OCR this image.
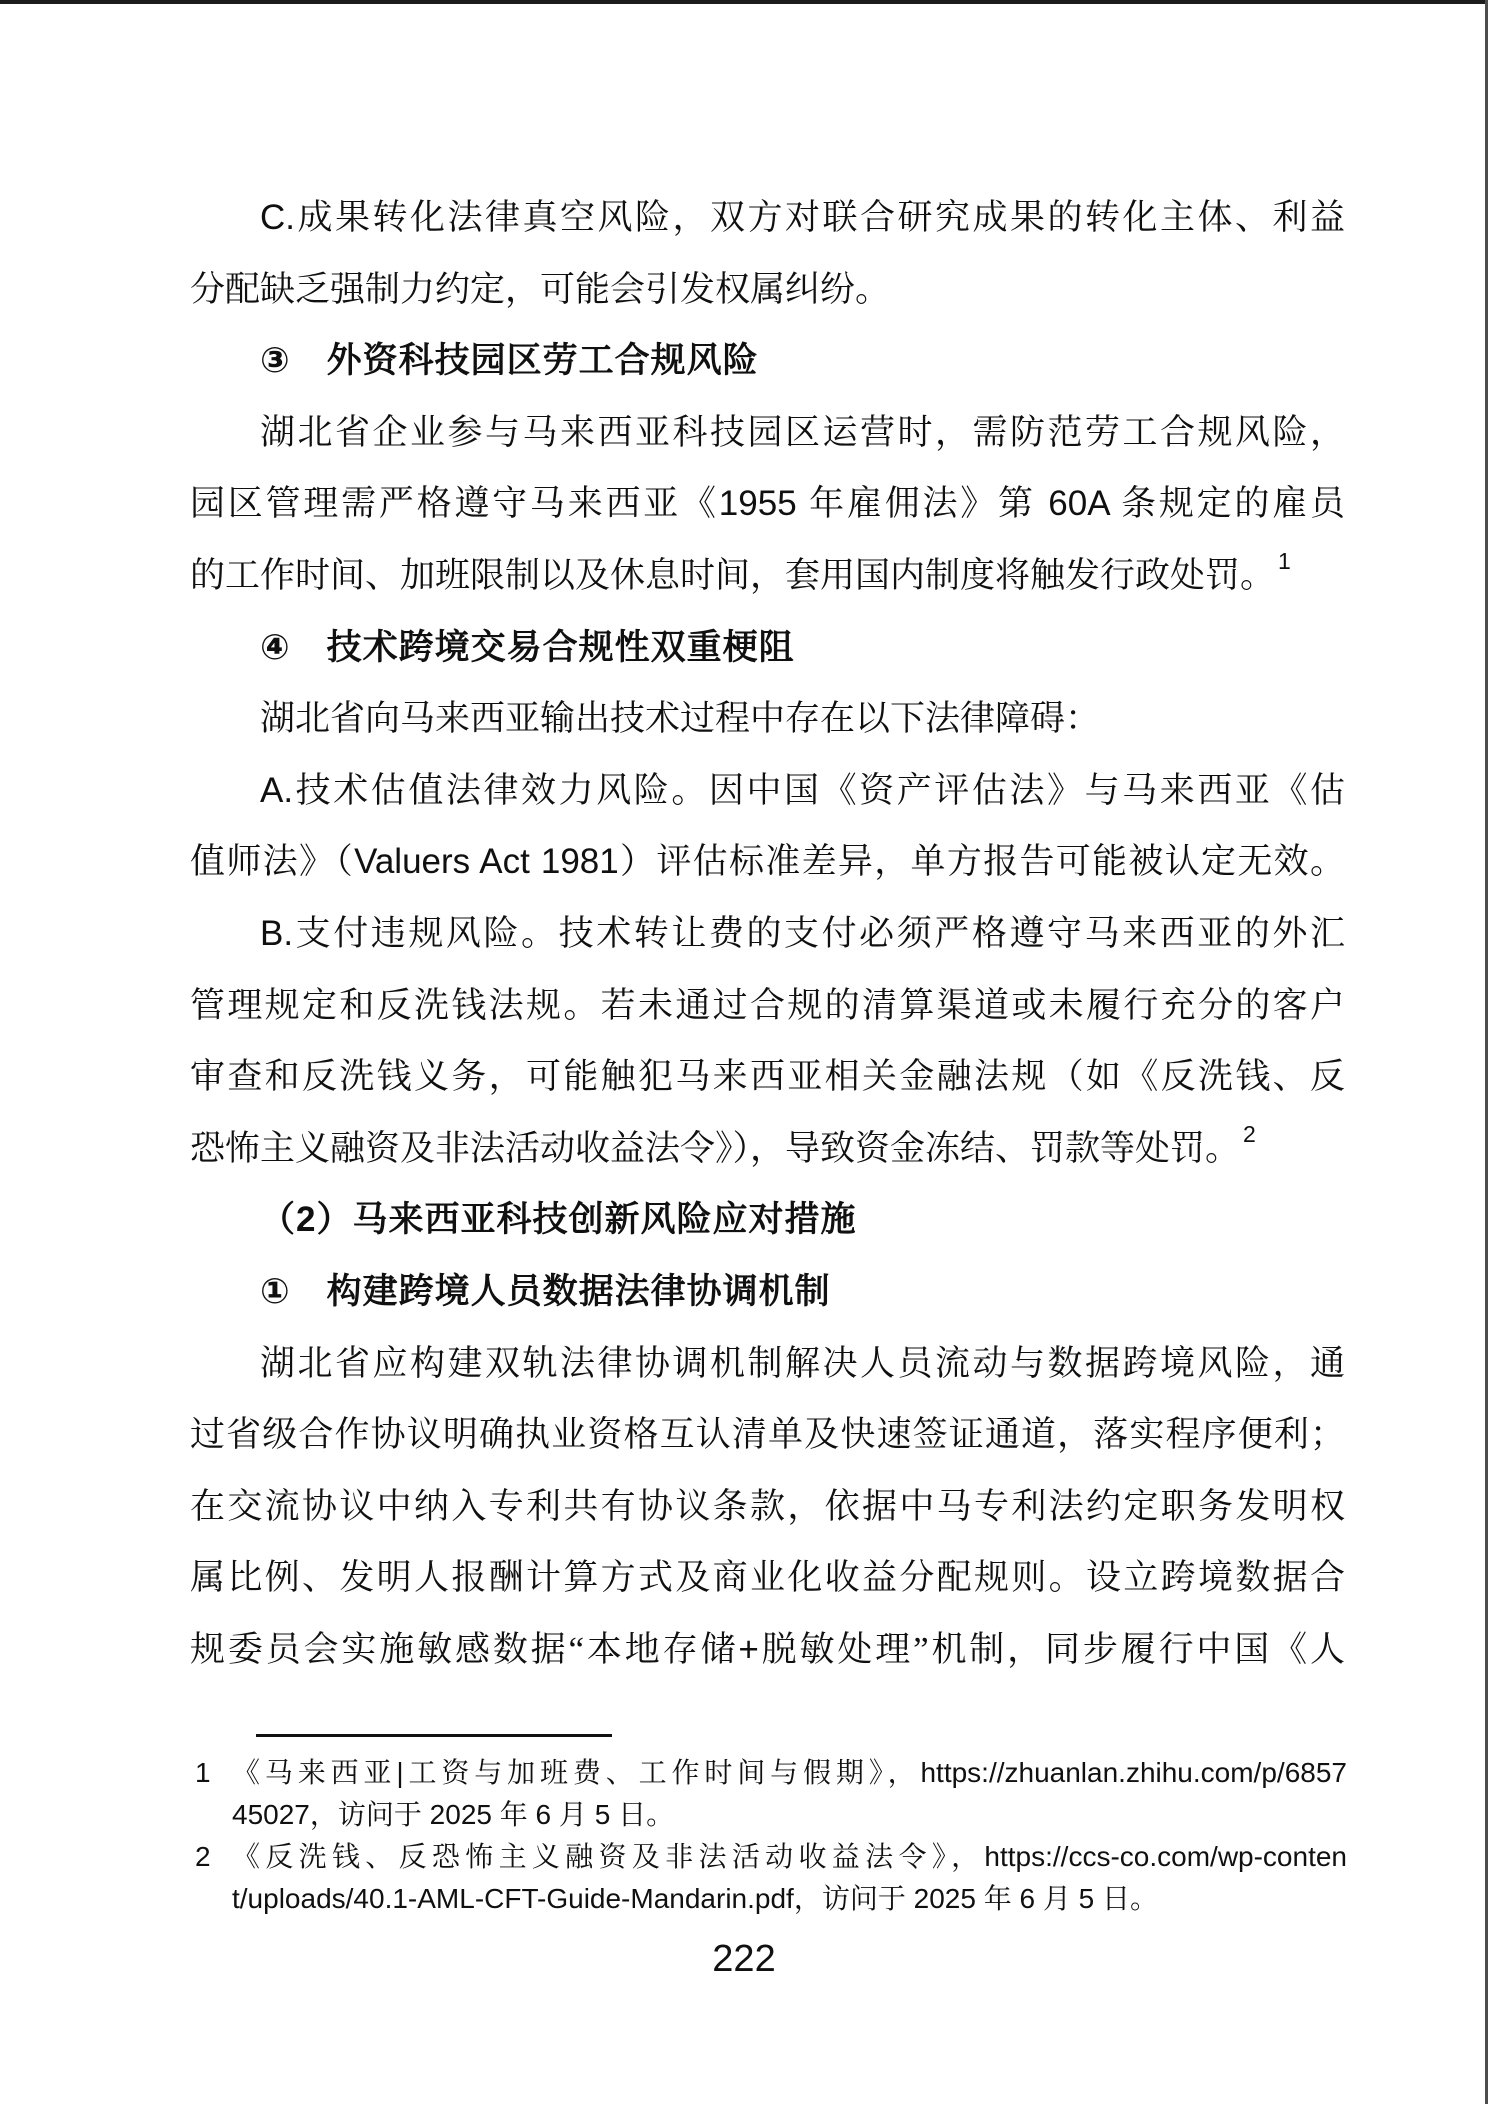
C.成果转化法律真空风险，双方对联合研究成果的转化主体、利益
分配缺乏强制力约定，可能会引发权属纠纷。
③　外资科技园区劳工合规风险
湖北省企业参与马来西亚科技园区运营时，需防范劳工合规风险，
园区管理需严格遵守马来西亚《1955 年雇佣法》第 60A 条规定的雇员
的工作时间、加班限制以及休息时间，套用国内制度将触发行政处罚。 $^1$
④　技术跨境交易合规性双重梗阻
湖北省向马来西亚输出技术过程中存在以下法律障碍：
A.技术估值法律效力风险。因中国《资产评估法》与马来西亚《估
值师法》（Valuers Act 1981）评估标准差异，单方报告可能被认定无效。
B.支付违规风险。技术转让费的支付必须严格遵守马来西亚的外汇
管理规定和反洗钱法规。若未通过合规的清算渠道或未履行充分的客户
审查和反洗钱义务，可能触犯马来西亚相关金融法规（如《反洗钱、反
恐怖主义融资及非法活动收益法令》），导致资金冻结、罚款等处罚。 $^2$
（2）马来西亚科技创新风险应对措施
①　构建跨境人员数据法律协调机制
湖北省应构建双轨法律协调机制解决人员流动与数据跨境风险，通
过省级合作协议明确执业资格互认清单及快速签证通道，落实程序便利；
在交流协议中纳入专利共有协议条款，依据中马专利法约定职务发明权
属比例、发明人报酬计算方式及商业化收益分配规则。设立跨境数据合
规委员会实施敏感数据“本地存储+脱敏处理”机制，同步履行中国《人
1 《马来西亚|工资与加班费、工作时间与假期》，https://zhuanlan.zhihu.com/p/6857
45027，访问于 2025 年 6 月 5 日。
2 《反洗钱、反恐怖主义融资及非法活动收益法令》，https://ccs-co.com/wp-conten
t/uploads/40.1-AML-CFT-Guide-Mandarin.pdf，访问于 2025 年 6 月 5 日。
222
